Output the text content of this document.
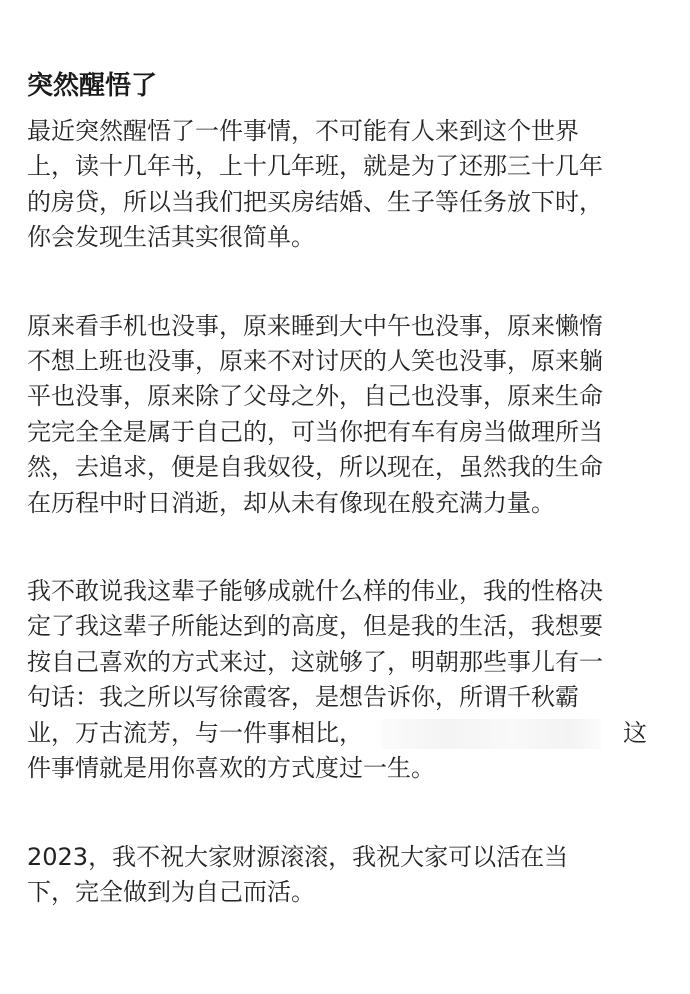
突然醒悟了
最近突然醒悟了一件事情，不可能有人来到这个世界
上，读十几年书，上十几年班，就是为了还那三十几年
的房贷，所以当我们把买房结婚、生子等任务放下时，
你会发现生活其实很简单。
原来看手机也没事，原来睡到大中午也没事，原来懒惰
不想上班也没事，原来不对讨厌的人笑也没事，原来躺
平也没事，原来除了父母之外，自己也没事，原来生命
完完全全是属于自己的，可当你把有车有房当做理所当
然，去追求，便是自我奴役，所以现在，虽然我的生命
在历程中时日消逝，却从未有像现在般充满力量。
我不敢说我这辈子能够成就什么样的伟业，我的性格决
定了我这辈子所能达到的高度，但是我的生活，我想要
按自己喜欢的方式来过，这就够了，明朝那些事儿有一
句话：我之所以写徐霞客，是想告诉你，所谓千秋霸
业，万古流芳，与一件事相比，	这
件事情就是用你喜欢的方式度过一生。
2023，我不祝大家财源滚滚，我祝大家可以活在当
下，完全做到为自己而活。
